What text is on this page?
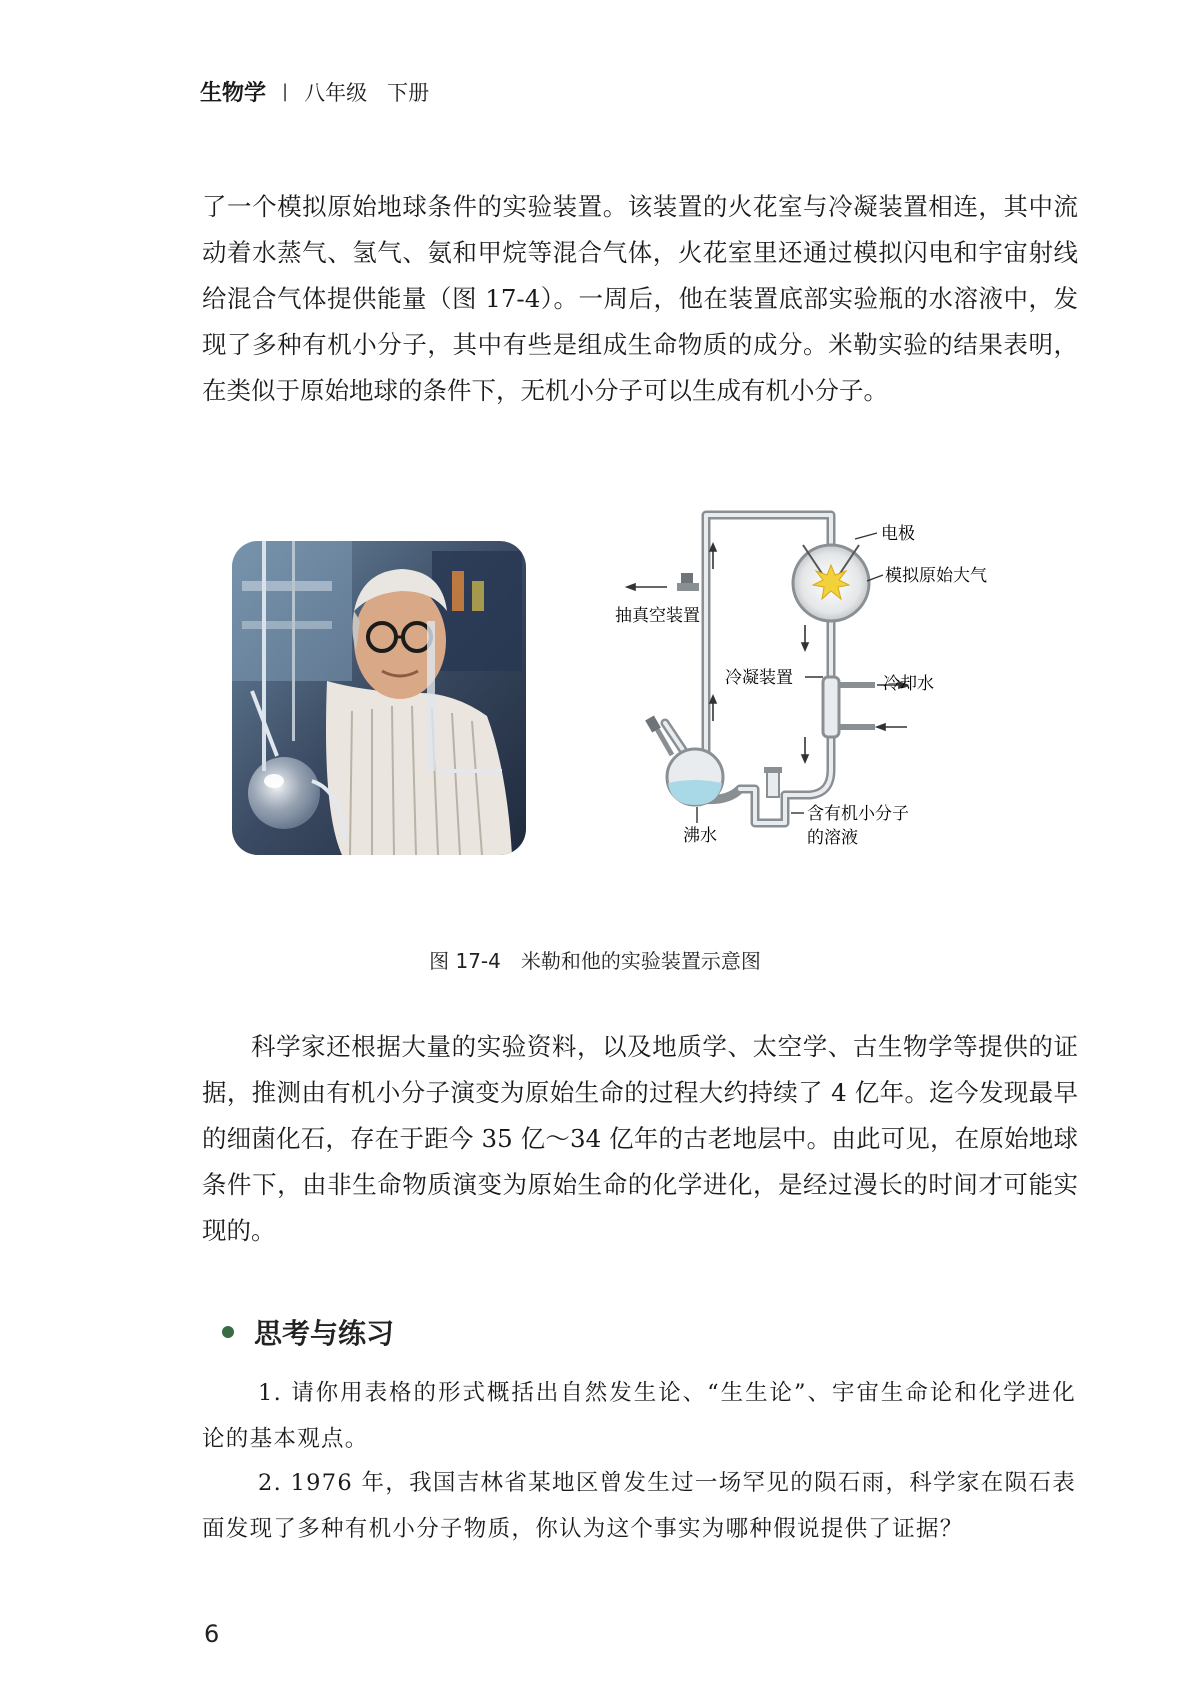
生物学 | 八年级 下册

了一个模拟原始地球条件的实验装置。该装置的火花室与冷凝装置相连，其中流动着水蒸气、氢气、氨和甲烷等混合气体，火花室里还通过模拟闪电和宇宙射线给混合气体提供能量（图 17-4）。一周后，他在装置底部实验瓶的水溶液中，发现了多种有机小分子，其中有些是组成生命物质的成分。米勒实验的结果表明，在类似于原始地球的条件下，无机小分子可以生成有机小分子。

电极
模拟原始大气
抽真空装置
冷凝装置	冷却水
沸水
含有机小分子
的溶液
图 17-4 米勒和他的实验装置示意图

科学家还根据大量的实验资料，以及地质学、太空学、古生物学等提供的证据，推测由有机小分子演变为原始生命的过程大约持续了 4 亿年。迄今发现最早的细菌化石，存在于距今 35 亿～34 亿年的古老地层中。由此可见，在原始地球条件下，由非生命物质演变为原始生命的化学进化，是经过漫长的时间才可能实现的。

思考与练习

1. 请你用表格的形式概括出自然发生论、“生生论”、宇宙生命论和化学进化论的基本观点。

2. 1976 年，我国吉林省某地区曾发生过一场罕见的陨石雨，科学家在陨石表面发现了多种有机小分子物质，你认为这个事实为哪种假说提供了证据？

6
